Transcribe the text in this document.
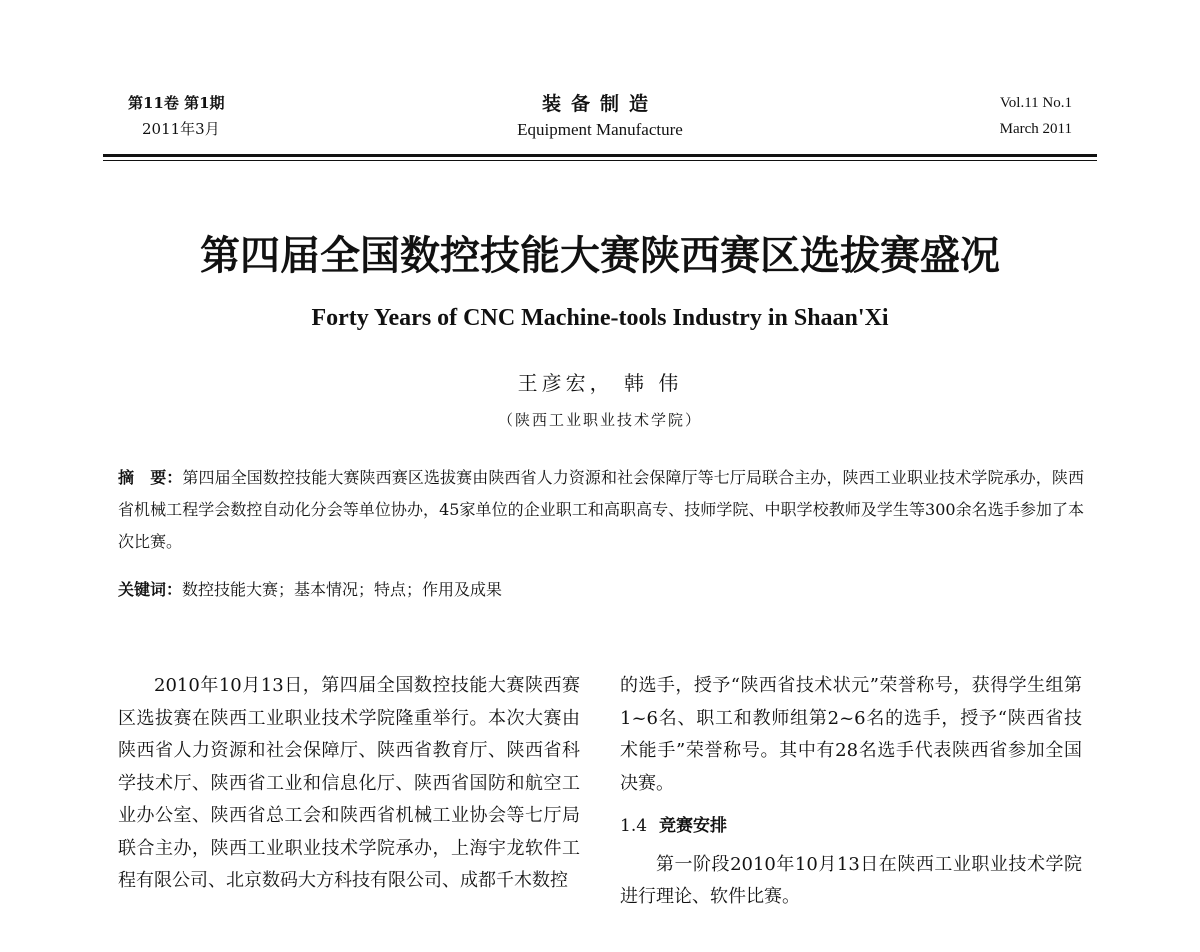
第11卷 第1期
2011年3月
装备制造
Equipment Manufacture
Vol.11 No.1
March 2011
第四届全国数控技能大赛陕西赛区选拔赛盛况
Forty Years of CNC Machine-tools Industry in Shaan'Xi
王彦宏， 韩 伟
（陕西工业职业技术学院）
摘　要：第四届全国数控技能大赛陕西赛区选拔赛由陕西省人力资源和社会保障厅等七厅局联合主办，陕西工业职业技术学院承办，陕西省机械工程学会数控自动化分会等单位协办，45家单位的企业职工和高职高专、技师学院、中职学校教师及学生等300余名选手参加了本次比赛。
关键词：数控技能大赛；基本情况；特点；作用及成果

2010年10月13日，第四届全国数控技能大赛陕西赛区选拔赛在陕西工业职业技术学院隆重举行。本次大赛由陕西省人力资源和社会保障厅、陕西省教育厅、陕西省科学技术厅、陕西省工业和信息化厅、陕西省国防和航空工业办公室、陕西省总工会和陕西省机械工业协会等七厅局联合主办，陕西工业职业技术学院承办，上海宇龙软件工程有限公司、北京数码大方科技有限公司、成都千木数控

的选手，授予“陕西省技术状元”荣誉称号，获得学生组第1~6名、职工和教师组第2~6名的选手，授予“陕西省技术能手”荣誉称号。其中有28名选手代表陕西省参加全国决赛。

1.4 竞赛安排

第一阶段2010年10月13日在陕西工业职业技术学院进行理论、软件比赛。
